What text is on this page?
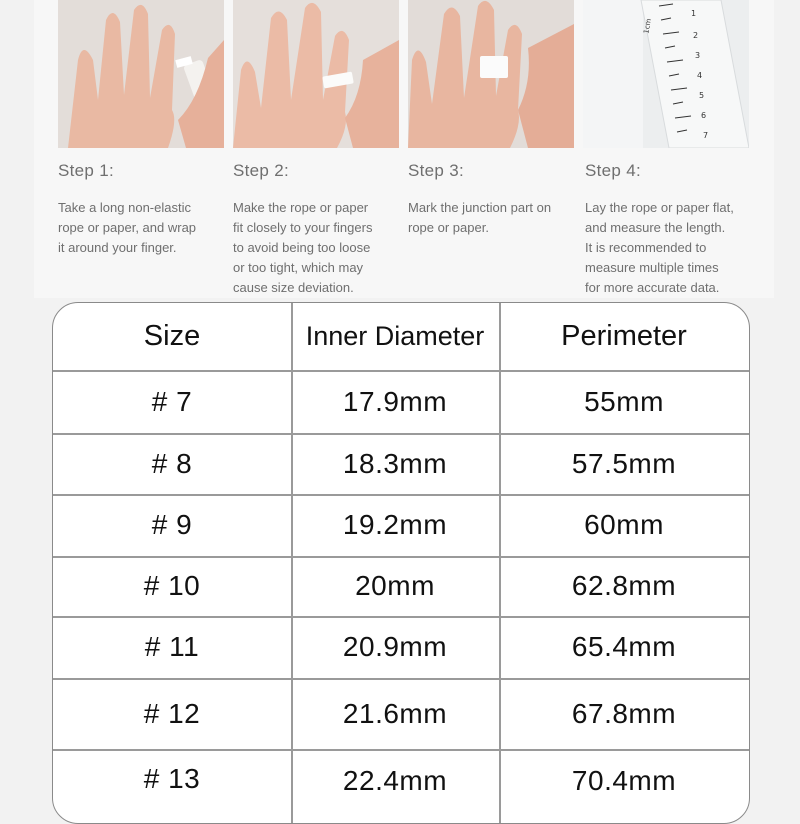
1
2
3
4
5
6
7
1cm

Step 1:

Take a long non-elastic
rope or paper, and wrap
it around your finger.

Step 2:

Make the rope or paper
fit closely to your fingers
to avoid being too loose
or too tight, which may
cause size deviation.

Step 3:

Mark the junction part on
rope or paper.

Step 4:

Lay the rope or paper flat,
and measure the length.
It is recommended to
measure multiple times
for more accurate data.

Size	Inner Diameter	Perimeter
# 7	17.9mm	55mm
# 8	18.3mm	57.5mm
# 9	19.2mm	60mm
# 10	20mm	62.8mm
# 11	20.9mm	65.4mm
# 12	21.6mm	67.8mm
# 13	22.4mm	70.4mm
